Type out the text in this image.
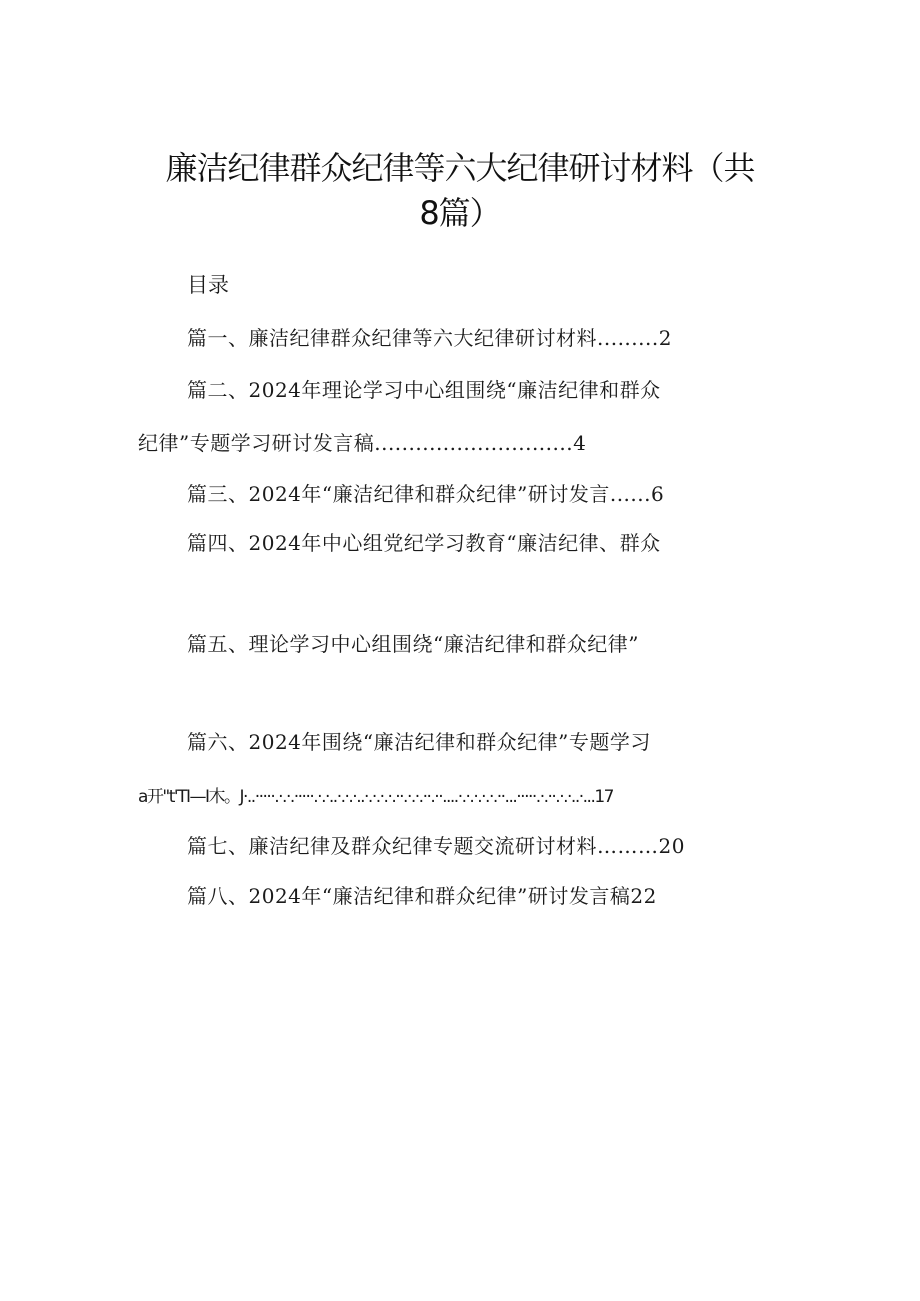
廉洁纪律群众纪律等六大纪律研讨材料（共
8篇）
目录
篇一、廉洁纪律群众纪律等六大纪律研讨材料.........2
篇二、2024年理论学习中心组围绕“廉洁纪律和群众
纪律”专题学习研讨发言稿.............................4
篇三、2024年“廉洁纪律和群众纪律”研讨发言......6
篇四、2024年中心组党纪学习教育“廉洁纪律、群众
篇五、理论学习中心组围绕“廉洁纪律和群众纪律”
篇六、2024年围绕“廉洁纪律和群众纪律”专题学习
a开"t'TI—I木。J·..·····.·.·.·····.·.·..·.·.·..·.·.·.·.··.·.·.··.··....·.·.·.·.·.··...·····.·.··.·.·..·...17
篇七、廉洁纪律及群众纪律专题交流研讨材料………20
篇八、2024年“廉洁纪律和群众纪律”研讨发言稿22
